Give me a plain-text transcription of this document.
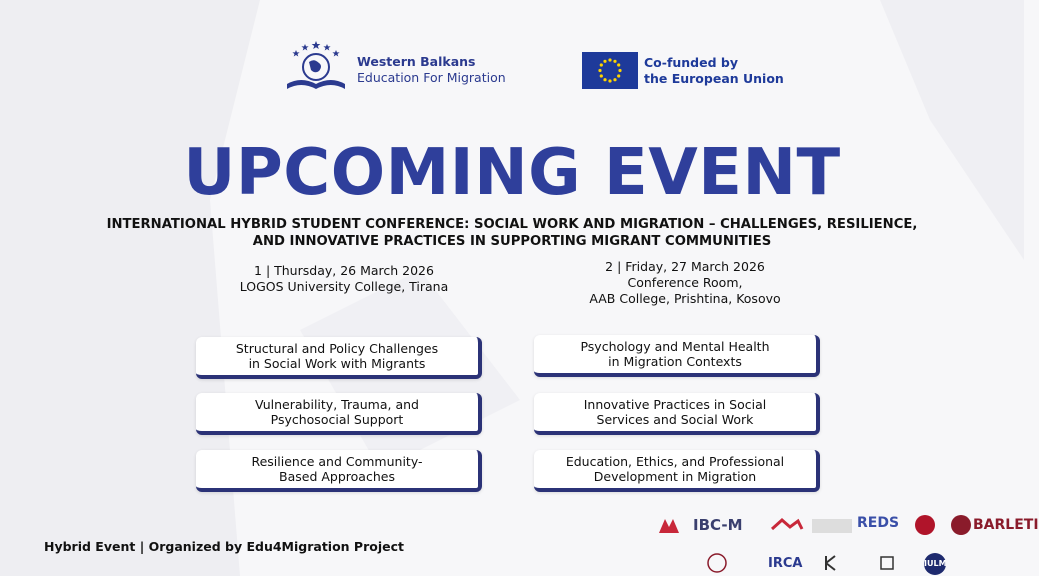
Western Balkans
Education For Migration
Co-funded by
the European Union
UPCOMING EVENT
INTERNATIONAL HYBRID STUDENT CONFERENCE: SOCIAL WORK AND MIGRATION – CHALLENGES, RESILIENCE,
AND INNOVATIVE PRACTICES IN SUPPORTING MIGRANT COMMUNITIES
1 | Thursday, 26 March 2026
LOGOS University College, Tirana
2 | Friday, 27 March 2026
Conference Room,
AAB College, Prishtina, Kosovo
Structural and Policy Challenges
in Social Work with Migrants
Vulnerability, Trauma, and
Psychosocial Support
Resilience and Community-
Based Approaches
Psychology and Mental Health
in Migration Contexts
Innovative Practices in Social
Services and Social Work
Education, Ethics, and Professional
Development in Migration
Hybrid Event | Organized by Edu4Migration Project
IBC-M	REDS	BARLETI
IRCA	IULM
